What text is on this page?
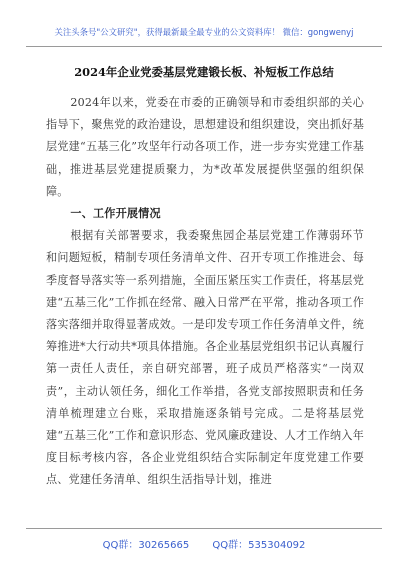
关注头条号"公文研究"，获得最新最全最专业的公文资料库！ 微信：gongwenyj
2024年企业党委基层党建锻长板、补短板工作总结

2024年以来，党委在市委的正确领导和市委组织部的关心指导下，聚焦党的政治建设，思想建设和组织建设，突出抓好基层党建“五基三化”攻坚年行动各项工作，进一步夯实党建工作基础，推进基层党建提质聚力，为*改革发展提供坚强的组织保障。

一、工作开展情况

根据有关部署要求，我委聚焦园企基层党建工作薄弱环节和问题短板，精制专项任务清单文件、召开专项工作推进会、每季度督导落实等一系列措施，全面压紧压实工作责任，将基层党建“五基三化”工作抓在经常、融入日常严在平常，推动各项工作落实落细并取得显著成效。一是印发专项工作任务清单文件，统筹推进*大行动共*项具体措施。各企业基层党组织书记认真履行第一责任人责任，亲自研究部署，班子成员严格落实“一岗双责”，主动认领任务，细化工作举措，各党支部按照职责和任务清单梳理建立台账，采取措施逐条销号完成。二是将基层党建“五基三化”工作和意识形态、党风廉政建设、人才工作纳入年度目标考核内容，各企业党组织结合实际制定年度党建工作要点、党建任务清单、组织生活指导计划，推进

QQ群：30265665 QQ群：535304092
